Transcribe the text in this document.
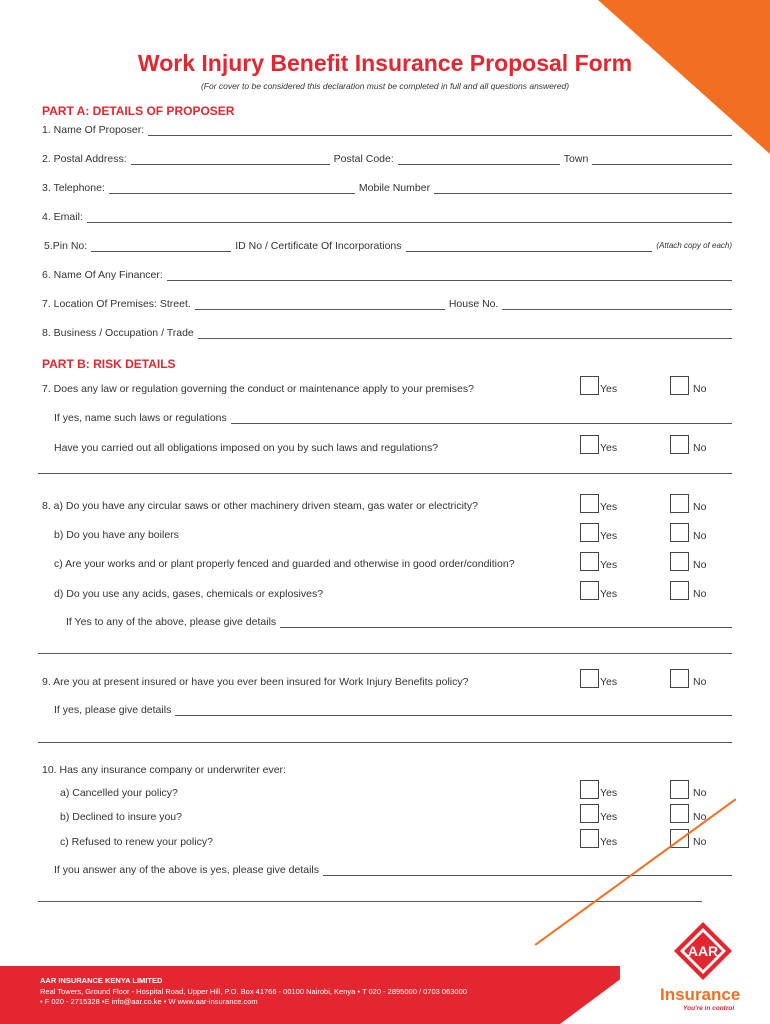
Work Injury Benefit Insurance Proposal Form
(For cover to be considered this declaration must be completed in full and all questions answered)
PART A: DETAILS OF PROPOSER
1. Name Of Proposer:
2. Postal Address:	Postal Code:	Town
3. Telephone:	Mobile Number
4. Email:
5.Pin No:	ID No / Certificate Of Incorporations	(Attach copy of each)
6. Name Of Any Financer:
7. Location Of Premises: Street.	House No.
8. Business / Occupation / Trade
PART B: RISK DETAILS
7. Does any law or regulation governing the conduct or maintenance apply to your premises?	Yes	No
If yes, name such laws or regulations
Have you carried out all obligations imposed on you by such laws and regulations?	Yes	No
8. a) Do you have any circular saws or other machinery driven steam, gas water or electricity?	Yes	No
b) Do you have any boilers	Yes	No
c) Are your works and or plant properly fenced and guarded and otherwise in good order/condition?	Yes	No
d) Do you use any acids, gases, chemicals or explosives?	Yes	No
If Yes to any of the above, please give details
9. Are you at present insured or have you ever been insured for Work Injury Benefits policy?	Yes	No
If yes, please give details
10. Has any insurance company or underwriter ever:
a) Cancelled your policy?	Yes	No
b) Declined to insure you?	Yes	No
c) Refused to renew your policy?	Yes	No
If you answer any of the above is yes, please give details
AAR INSURANCE KENYA LIMITED
Real Towers, Ground Floor - Hospital Road, Upper Hill, P.O. Box 41766 - 00100 Nairobi, Kenya • T 020 - 2895000 / 0703 063000
• F 020 - 2715328 •E info@aar.co.ke • W www.aar-insurance.com
AAR
Insurance
You're in control
